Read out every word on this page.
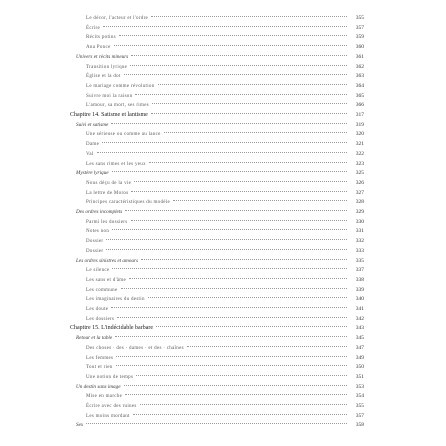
Le décor, l'acteur et l'ordre	355
Écrire	357
Récits potins	359
Ana Ponce	360
Univers et récits mineurs	361
Transition lyrique	362
Église et la dot	363
Le mariage comme révolution	364
Suivre moi la raison	365
L'amour, sa mort, ses rimes	366
Chapitre 14. Satisme et lantisme	317
Suivi et satisme	319
Une sérieuse ou comme au lance	320
Dame	321
Val	322
Les sans rimes et les yeux	323
Mystère lyrique	325
Nous déçu de la vie	326
La lettre de Moros	327
Principes caractéristiques du modèle	328
Des ordres incomplets	329
Parmi les dossiers	330
Notes non	331
Dossier	332
Dossier	333
Les ordres sinistres et amours	335
Le silence	337
Les sans et d'âme	338
Les commune	339
Les imaginaires du destin	340
Les doute	341
Les dossiers	342
Chapitre 15. L'indécidable barbare	343
Retour et la table	345
Des choses · des · dames · et des · chaînes	347
Les femmes	349
Tout et rien	350
Une notion de temps	351
Un destin sans image	353
Mise en marche	354
Écrire avec des ruines	355
Les moins mordant	357
Sex	358
